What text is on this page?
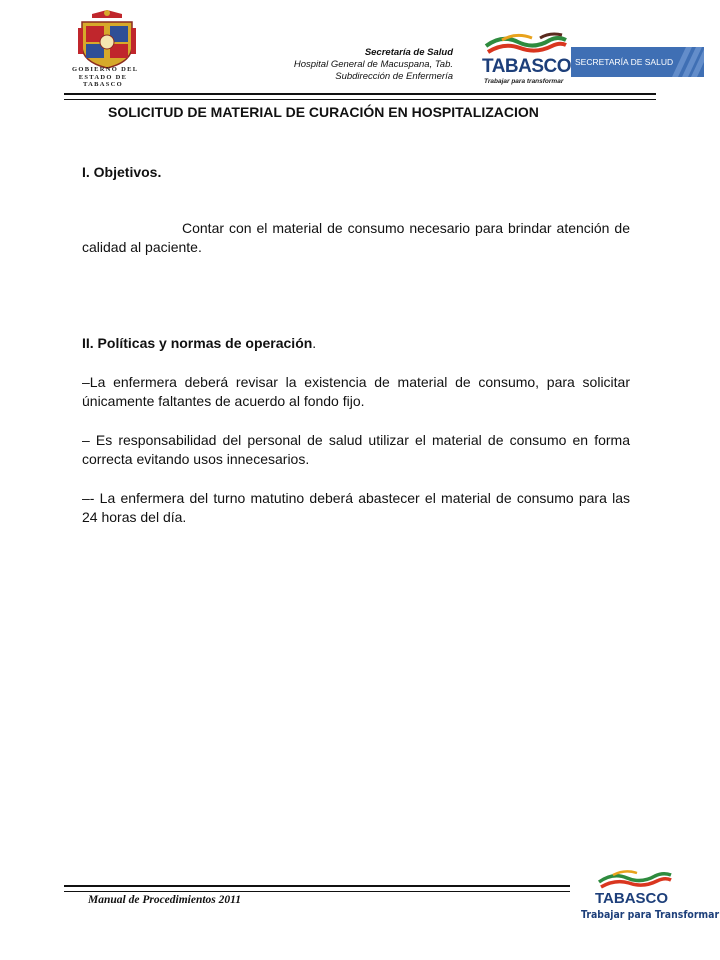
GOBIERNO DEL
ESTADO DE
TABASCO
Secretaría de Salud
Hospital General de Macuspana, Tab.
Subdirección de Enfermería TABASCO
Trabajar para transformar
SECRETARÍA DE SALUD
SOLICITUD DE MATERIAL DE CURACIÓN EN HOSPITALIZACION
I. Objetivos.
Contar con el material de consumo necesario para brindar atención de calidad al paciente.
II. Políticas y normas de operación.
–La enfermera deberá revisar la existencia de material de consumo, para solicitar únicamente faltantes de acuerdo al fondo fijo.
– Es responsabilidad del personal de salud utilizar el material de consumo en forma correcta evitando usos innecesarios.
–- La enfermera del turno matutino deberá abastecer el material de consumo para las 24 horas del día.
Manual de Procedimientos 2011	TABASCO
Trabajar para Transformar
